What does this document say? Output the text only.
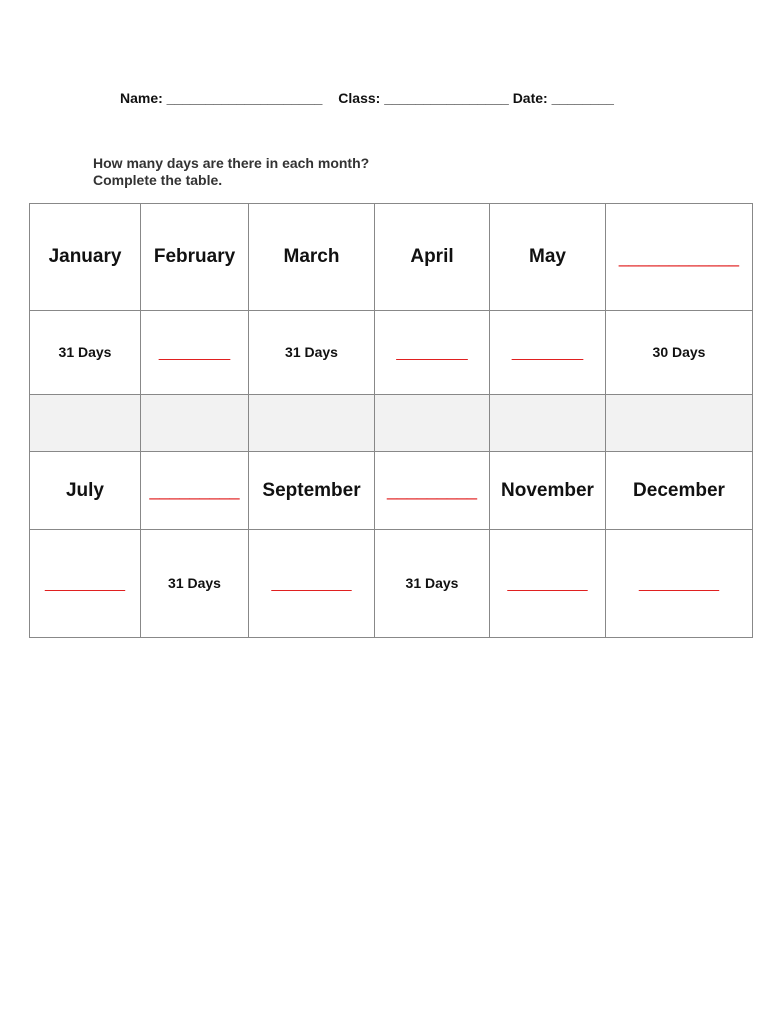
Name: ____________________ Class: ________________ Date: ________
How many days are there in each month?
Complete the table.
January	February	March	April	May	____________
31 Days	________	31 Days	________	________	30 Days

July	_________	September	_________	November	December
_________	31 Days	_________	31 Days	_________	_________
